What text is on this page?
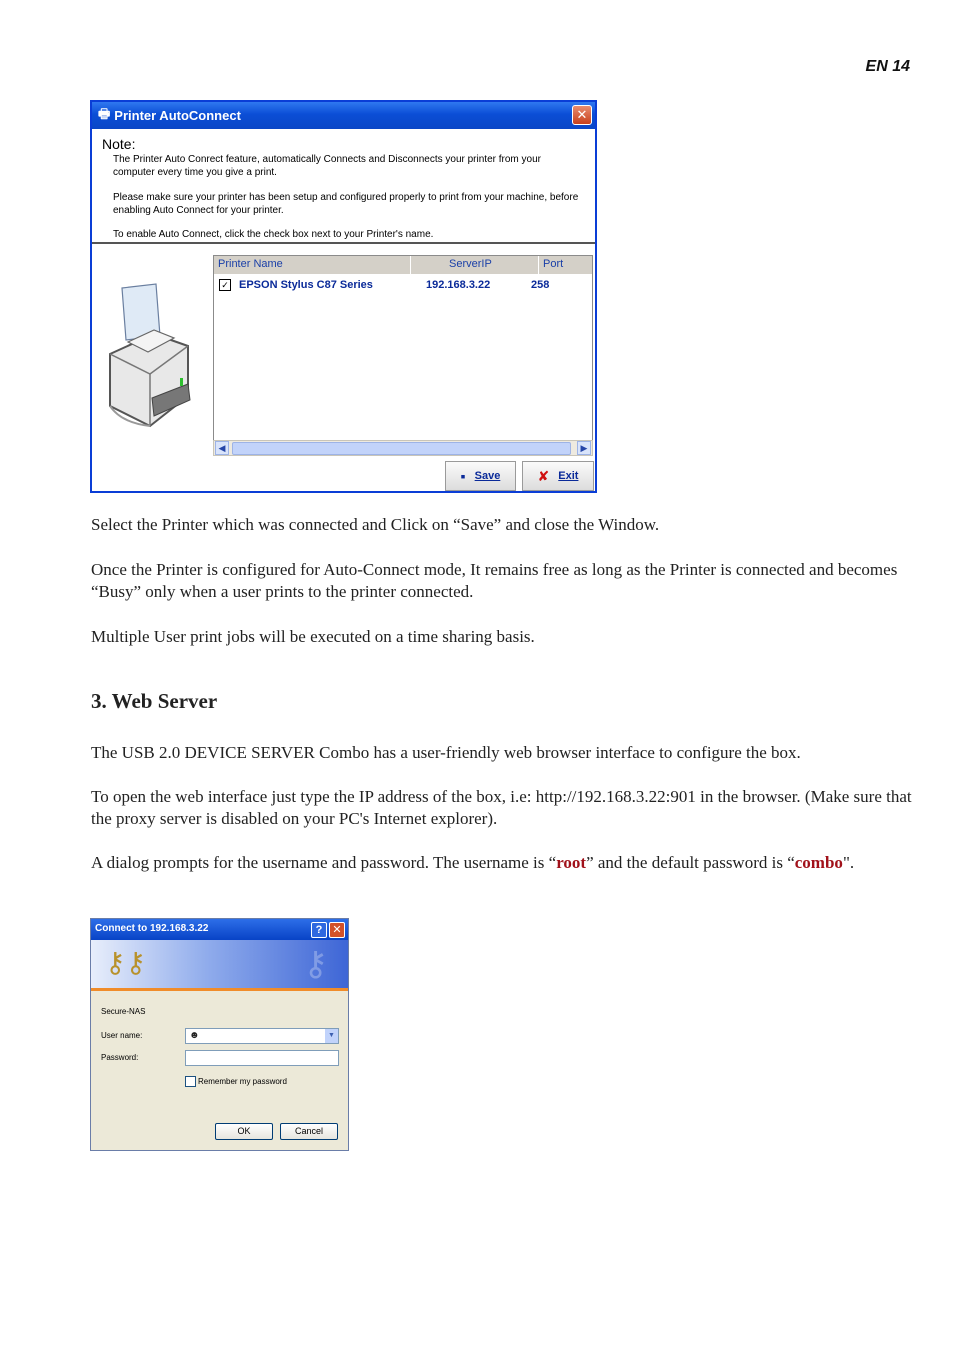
EN 14
🖶 Printer AutoConnect	✕
Note:

The Printer Auto Conrect feature, automatically Connects and Disconnects your printer from your computer every time you give a print.

Please make sure your printer has been setup and configured properly to print from your machine, before enabling Auto Connect for your printer.

To enable Auto Connect, click the check box next to your Printer's name.

Printer Name	ServerIP	Port
✓ EPSON Stylus C87 Series	192.168.3.22	258
◀	▶
▪ Save	✘ Exit

Select the Printer which was connected and Click on “Save” and close the Window.

Once the Printer is configured for Auto-Connect mode, It remains free as long as the Printer is connected and becomes “Busy” only when a user prints to the printer connected.

Multiple User print jobs will be executed on a time sharing basis.

3. Web Server

The USB 2.0 DEVICE SERVER Combo has a user-friendly web browser interface to configure the box.

To open the web interface just type the IP address of the box, i.e: http://192.168.3.22:901 in the browser. (Make sure that the proxy server is disabled on your PC's Internet explorer).

A dialog prompts for the username and password. The username is “root” and the default password is “combo".

Connect to 192.168.3.22	? ✕
⚷⚷	⚷
Secure-NAS
User name:	☻	▼
Password:
Remember my password
OK	Cancel
